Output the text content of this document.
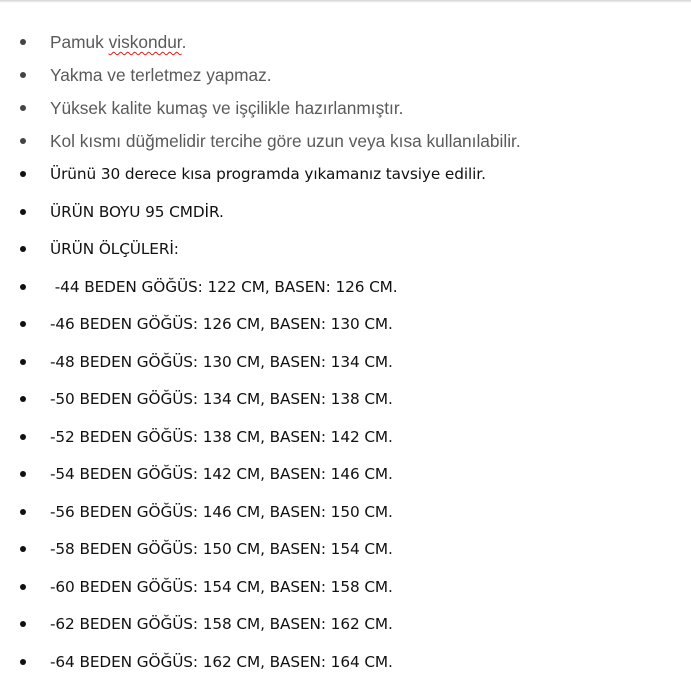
Pamuk viskondur.
Yakma ve terletmez yapmaz.
Yüksek kalite kumaş ve işçilikle hazırlanmıştır.
Kol kısmı düğmelidir tercihe göre uzun veya kısa kullanılabilir.
Ürünü 30 derece kısa programda yıkamanız tavsiye edilir.
ÜRÜN BOYU 95 CMDİR.
ÜRÜN ÖLÇÜLERİ:
-44 BEDEN GÖĞÜS: 122 CM, BASEN: 126 CM.
-46 BEDEN GÖĞÜS: 126 CM, BASEN: 130 CM.
-48 BEDEN GÖĞÜS: 130 CM, BASEN: 134 CM.
-50 BEDEN GÖĞÜS: 134 CM, BASEN: 138 CM.
-52 BEDEN GÖĞÜS: 138 CM, BASEN: 142 CM.
-54 BEDEN GÖĞÜS: 142 CM, BASEN: 146 CM.
-56 BEDEN GÖĞÜS: 146 CM, BASEN: 150 CM.
-58 BEDEN GÖĞÜS: 150 CM, BASEN: 154 CM.
-60 BEDEN GÖĞÜS: 154 CM, BASEN: 158 CM.
-62 BEDEN GÖĞÜS: 158 CM, BASEN: 162 CM.
-64 BEDEN GÖĞÜS: 162 CM, BASEN: 164 CM.
